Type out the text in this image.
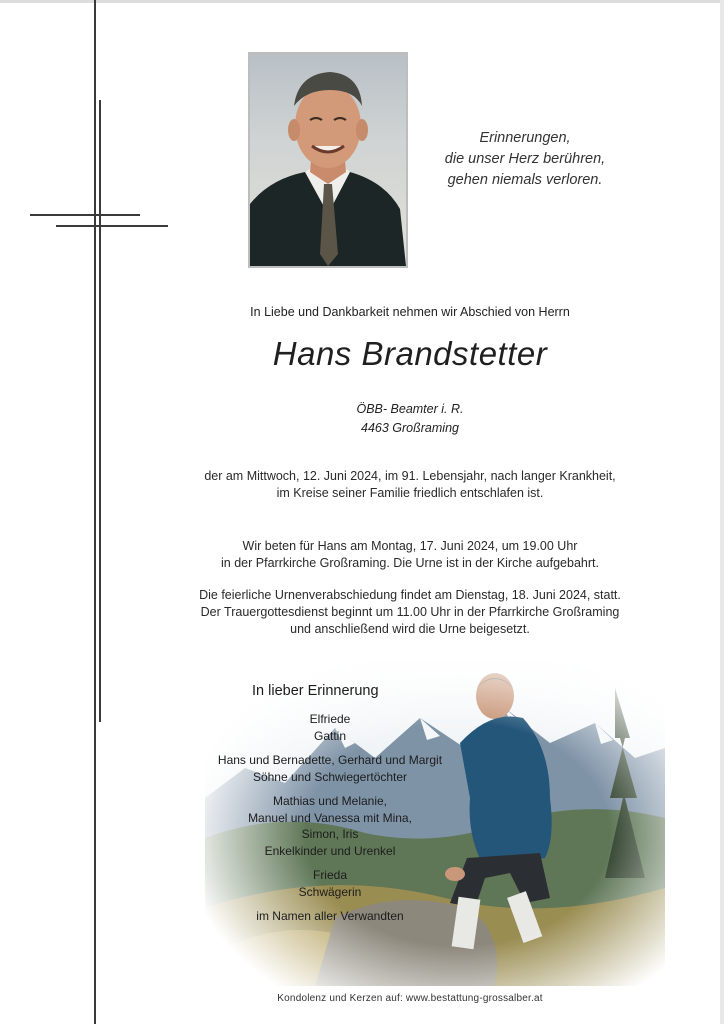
Erinnerungen,
die unser Herz berühren,
gehen niemals verloren.
In Liebe und Dankbarkeit nehmen wir Abschied von Herrn
Hans Brandstetter
ÖBB- Beamter i. R.
4463 Großraming
der am Mittwoch, 12. Juni 2024, im 91. Lebensjahr, nach langer Krankheit,
im Kreise seiner Familie friedlich entschlafen ist.
Wir beten für Hans am Montag, 17. Juni 2024, um 19.00 Uhr
in der Pfarrkirche Großraming. Die Urne ist in der Kirche aufgebahrt.
Die feierliche Urnenverabschiedung findet am Dienstag, 18. Juni 2024, statt.
Der Trauergottesdienst beginnt um 11.00 Uhr in der Pfarrkirche Großraming
und anschließend wird die Urne beigesetzt.
In lieber Erinnerung
Elfriede
Gattin
Hans und Bernadette, Gerhard und Margit
Söhne und Schwiegertöchter
Mathias und Melanie,
Manuel und Vanessa mit Mina,
Simon, Iris
Enkelkinder und Urenkel
Frieda
Schwägerin
im Namen aller Verwandten
Kondolenz und Kerzen auf: www.bestattung-grossalber.at
